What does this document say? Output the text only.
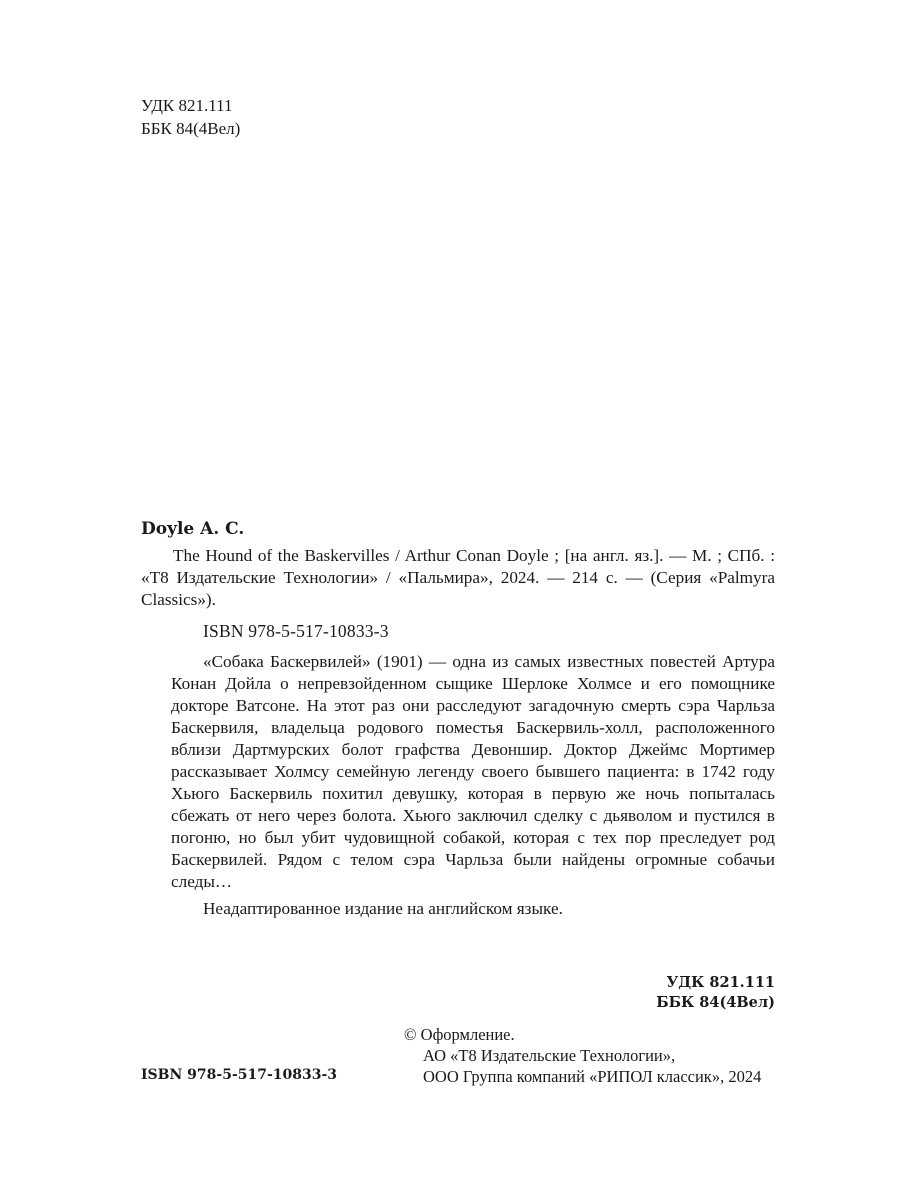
УДК 821.111
ББК 84(4Вел)

Doyle A. C.

The Hound of the Baskervilles / Arthur Conan Doyle ; [на англ. яз.]. — М. ; СПб. : «Т8 Издательские Технологии» / «Пальмира», 2024. — 214 с. — (Серия «Palmyra Classics»).

ISBN 978-5-517-10833-3

«Собака Баскервилей» (1901) — одна из самых известных повестей Артура Конан Дойла о непревзойденном сыщике Шерлоке Холмсе и его помощнике докторе Ватсоне. На этот раз они расследуют загадочную смерть сэра Чарльза Баскервиля, владельца родового поместья Баскервиль-холл, расположенного вблизи Дартмурских болот графства Девоншир. Доктор Джеймс Мортимер рассказывает Холмсу семейную легенду своего бывшего пациента: в 1742 году Хьюго Баскервиль похитил девушку, которая в первую же ночь попыталась сбежать от него через болота. Хьюго заключил сделку с дьяволом и пустился в погоню, но был убит чудовищной собакой, которая с тех пор преследует род Баскервилей. Рядом с телом сэра Чарльза были найдены огромные собачьи следы…

Неадаптированное издание на английском языке.

УДК 821.111
ББК 84(4Вел)
© Оформление.
АО «Т8 Издательские Технологии»,
ООО Группа компаний «РИПОЛ классик», 2024
ISBN 978-5-517-10833-3
